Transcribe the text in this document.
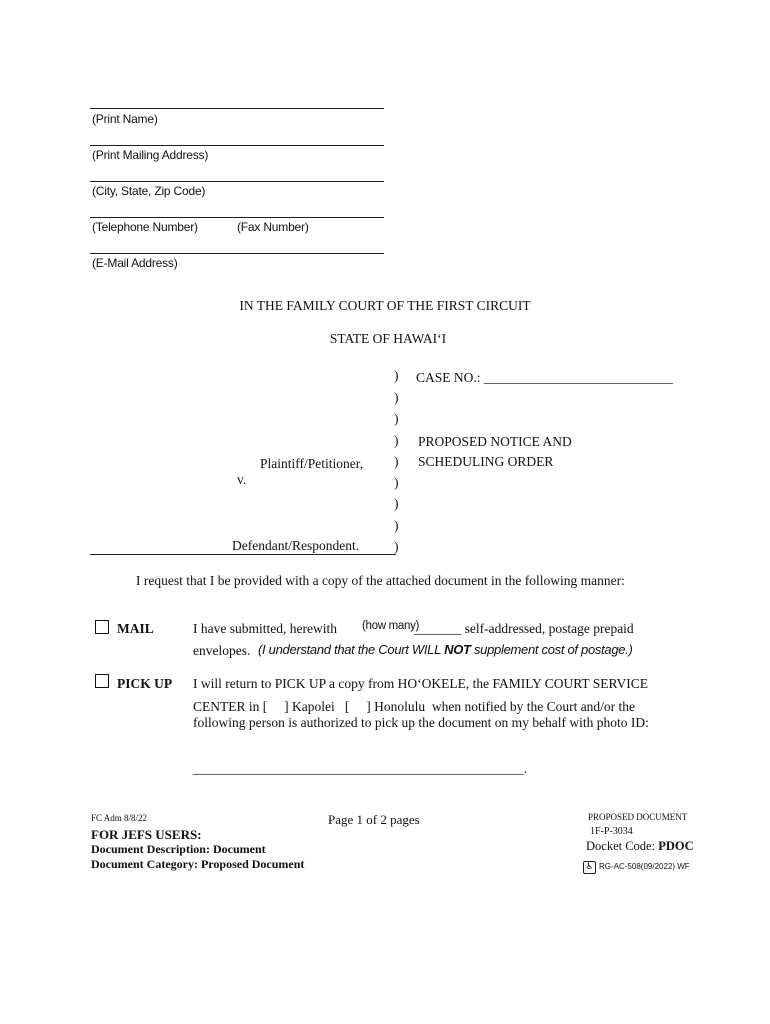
(Print Name)
(Print Mailing Address)
(City, State, Zip Code)
(Telephone Number)	(Fax Number)
(E-Mail Address)
IN THE FAMILY COURT OF THE FIRST CIRCUIT
STATE OF HAWAI‘I
)
)
)
)
)
)
)
)
)
CASE NO.: ____________________________
PROPOSED NOTICE AND
SCHEDULING ORDER
Plaintiff/Petitioner,
v.
Defendant/Respondent.
I request that I be provided with a copy of the attached document in the following manner:
MAIL	I have submitted, herewith (how many)
_______ self-addressed, postage prepaid
envelopes. (I understand that the Court WILL NOT supplement cost of postage.)
PICK UP I will return to PICK UP a copy from HO‘OKELE, the FAMILY COURT SERVICE
CENTER in [     ] Kapolei   [     ] Honolulu  when notified by the Court and/or the
following person is authorized to pick up the document on my behalf with photo ID:
_________________________________________________.
FC Adm 8/8/22	Page 1 of 2 pages
FOR JEFS USERS:
Document Description: Document
Document Category: Proposed Document
PROPOSED DOCUMENT
1F-P-3034
Docket Code: PDOC
♿ RG-AC-508(09/2022) WF
